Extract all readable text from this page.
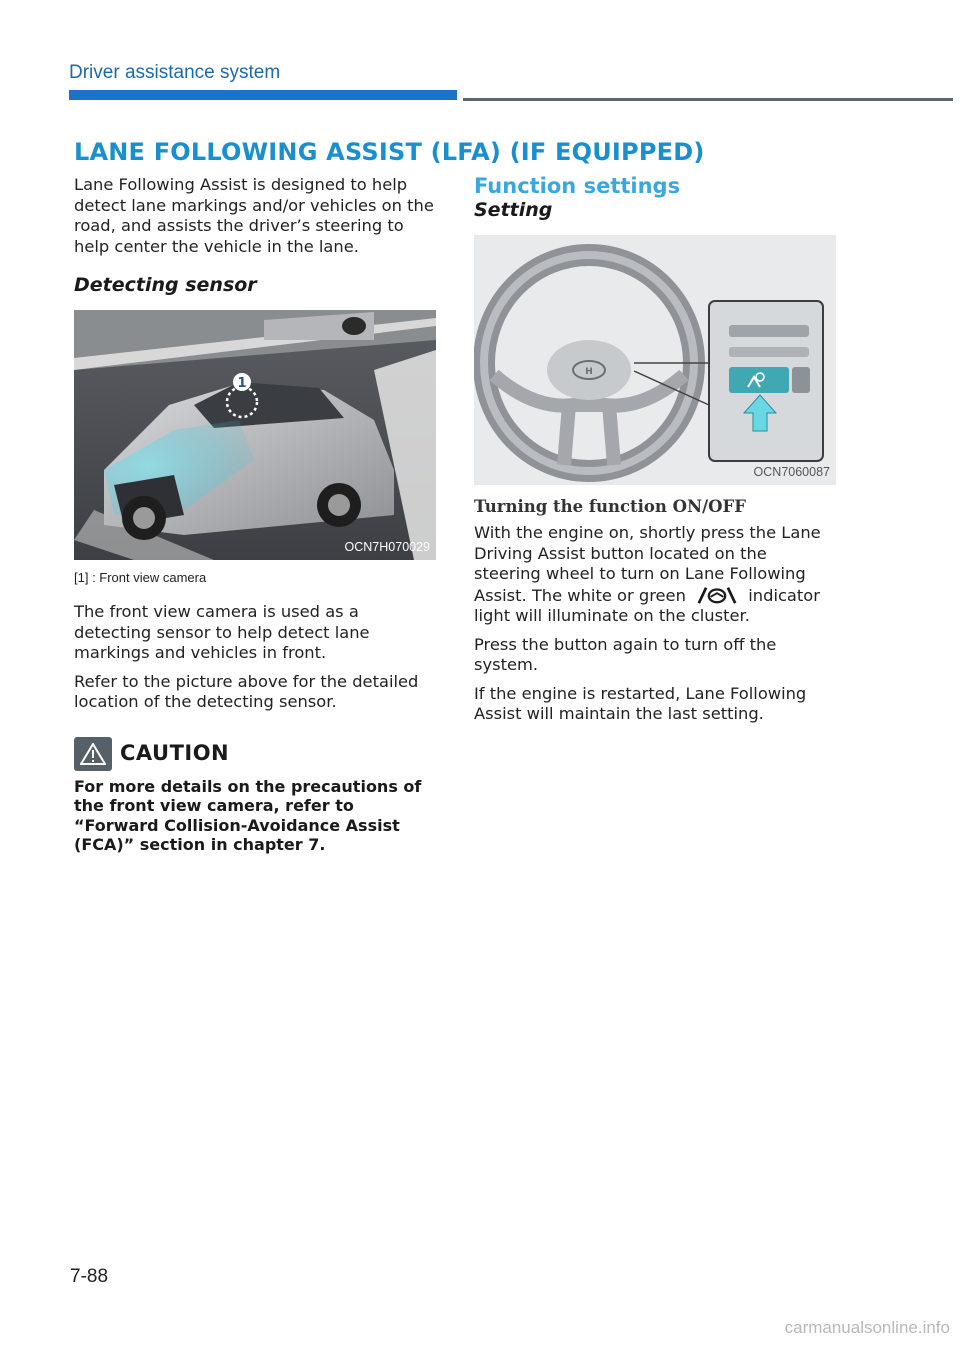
Driver assistance system
LANE FOLLOWING ASSIST (LFA) (IF EQUIPPED)

Lane Following Assist is designed to help detect lane markings and/or vehicles on the road, and assists the driver’s steering to help center the vehicle in the lane.

Detecting sensor

1
OCN7H070029

[1] : Front view camera

The front view camera is used as a detecting sensor to help detect lane markings and vehicles in front.

Refer to the picture above for the detailed location of the detecting sensor.

CAUTION

For more details on the precautions of the front view camera, refer to “Forward Collision-Avoidance Assist (FCA)” section in chapter 7.

Function settings

Setting

H
OCN7060087

Turning the function ON/OFF

With the engine on, shortly press the Lane Driving Assist button located on the steering wheel to turn on Lane Following Assist. The white or green	indicator light will illuminate on the cluster.

Press the button again to turn off the system.

If the engine is restarted, Lane Following Assist will maintain the last setting.

7-88
carmanualsonline.info
